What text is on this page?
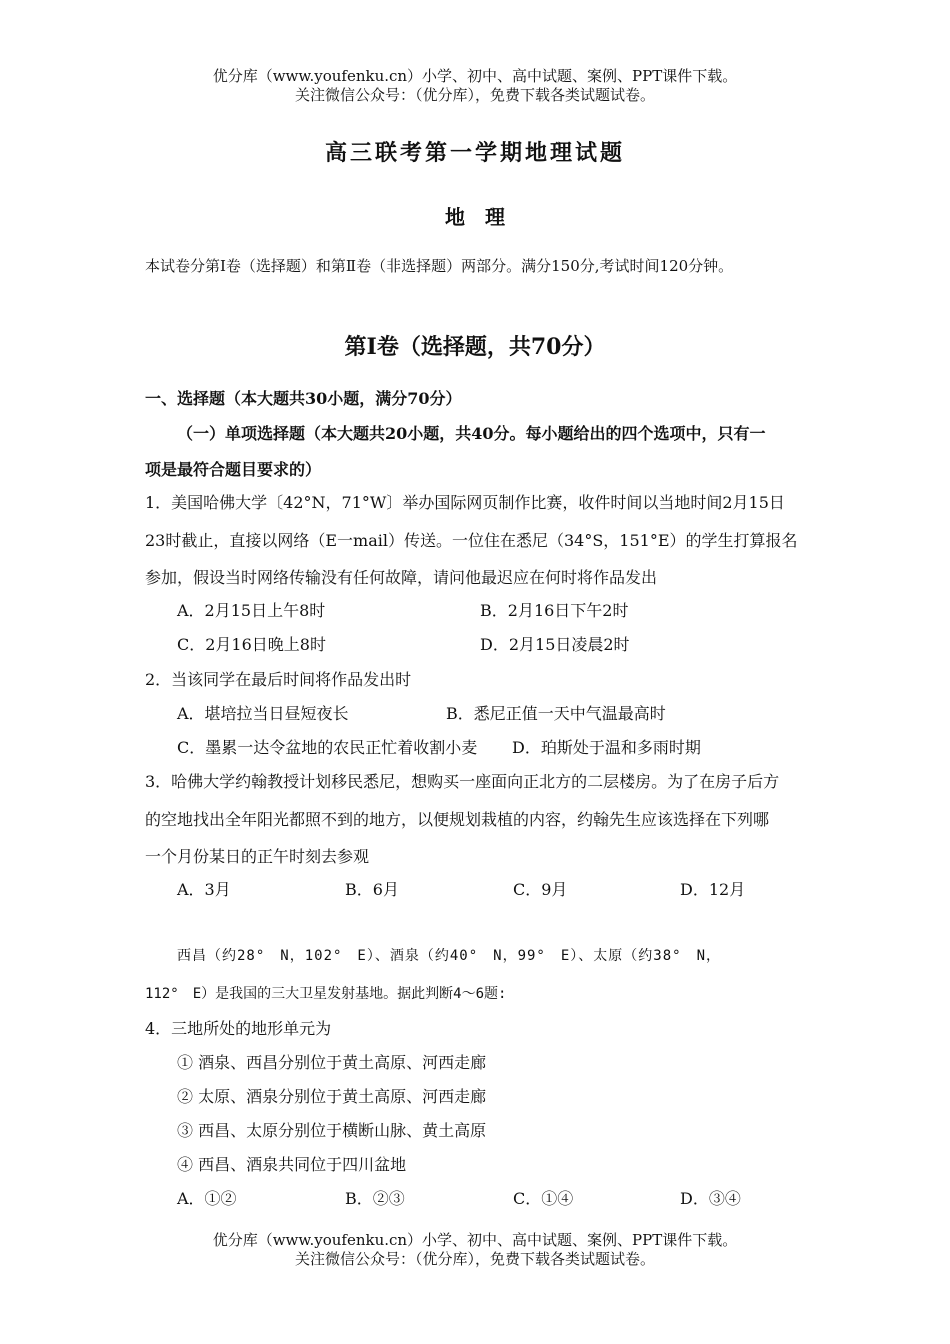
优分库（www.youfenku.cn）小学、初中、高中试题、案例、PPT课件下载。
关注微信公众号：（优分库），免费下载各类试题试卷。
高三联考第一学期地理试题
地　理
本试卷分第Ⅰ卷（选择题）和第Ⅱ卷（非选择题）两部分。满分150分,考试时间120分钟。
第Ⅰ卷（选择题，共70分）
一、选择题（本大题共30小题，满分70分）
（一）单项选择题（本大题共20小题，共40分。每小题给出的四个选项中，只有一
项是最符合题目要求的）
1．美国哈佛大学〔42°N，71°W〕举办国际网页制作比赛，收件时间以当地时间2月15日
23时截止，直接以网络（E一mail）传送。一位住在悉尼（34°S，151°E）的学生打算报名
参加，假设当时网络传输没有任何故障，请问他最迟应在何时将作品发出
A．2月15日上午8时	B．2月16日下午2时
C．2月16日晚上8时	D．2月15日凌晨2时
2．当该同学在最后时间将作品发出时
A．堪培拉当日昼短夜长	B．悉尼正值一天中气温最高时
C．墨累一达令盆地的农民正忙着收割小麦 D．珀斯处于温和多雨时期
3．哈佛大学约翰教授计划移民悉尼，想购买一座面向正北方的二层楼房。为了在房子后方
的空地找出全年阳光都照不到的地方，以便规划栽植的内容，约翰先生应该选择在下列哪
一个月份某日的正午时刻去参观
A．3月	B．6月	C．9月	D．12月
西昌（约28°　N，102°　E）、酒泉（约40°　N，99°　E）、太原（约38°　N，
112°　E）是我国的三大卫星发射基地。据此判断4～6题:
4．三地所处的地形单元为
① 酒泉、西昌分别位于黄土高原、河西走廊
② 太原、酒泉分别位于黄土高原、河西走廊
③ 西昌、太原分别位于横断山脉、黄土高原
④ 西昌、酒泉共同位于四川盆地
A．①②	B．②③	C．①④	D．③④
优分库（www.youfenku.cn）小学、初中、高中试题、案例、PPT课件下载。
关注微信公众号：（优分库），免费下载各类试题试卷。
